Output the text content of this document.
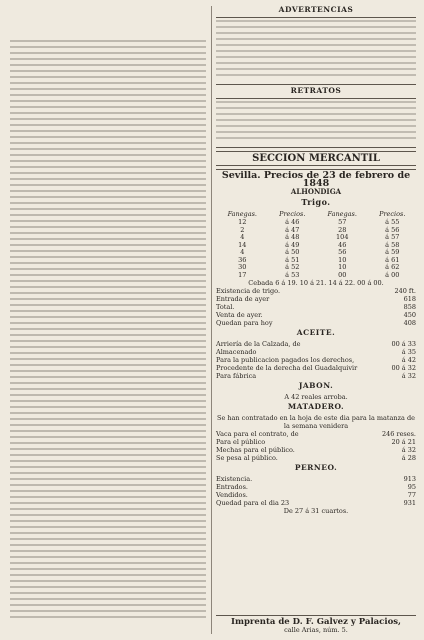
ADVERTENCIAS
RETRATOS
SECCION MERCANTIL
Sevilla. Precios de 23 de febrero de 1848
ALHONDIGA
Trigo.
Fanegas.	Precios.	Fanegas.	Precios.
12	á 46	57	á 55
2	á 47	28	á 56
4	á 48	104	á 57
14	á 49	46	á 58
4	á 50	56	á 59
36	á 51	10	á 61
30	á 52	10	á 62
17	á 53	00	á 00
Cebada 6 á 19. 10 á 21. 14 á 22. 00 á 00.
Existencia de trigo.	240 ft.
Entrada de ayer	618
Total.	858
Venta de ayer.	450
Quedan para hoy	408
ACEITE.
Arriería de la Calzada, de	00 á 33
Almacenado	á 35
Para la publicacion pagados los derechos,	á 42
Procedente de la derecha del Guadalquivir	00 á 32
Para fábrica	á 32
JABON.
A 42 reales arroba.
MATADERO.
Se han contratado en la hoja de este dia para la matanza de la semana venidera
Vaca para el contrato, de	246 reses.
Para el público	20 á 21
Mechas para el público.	á 32
Se pesa al público.	á 28
PERNEO.
Existencia.	913
Entrados.	95
Vendidos.	77
Quedad para el dia 23	931
De 27 á 31 cuartos.
Imprenta de D. F. Galvez y Palacios,
calle Arias, núm. 5.
